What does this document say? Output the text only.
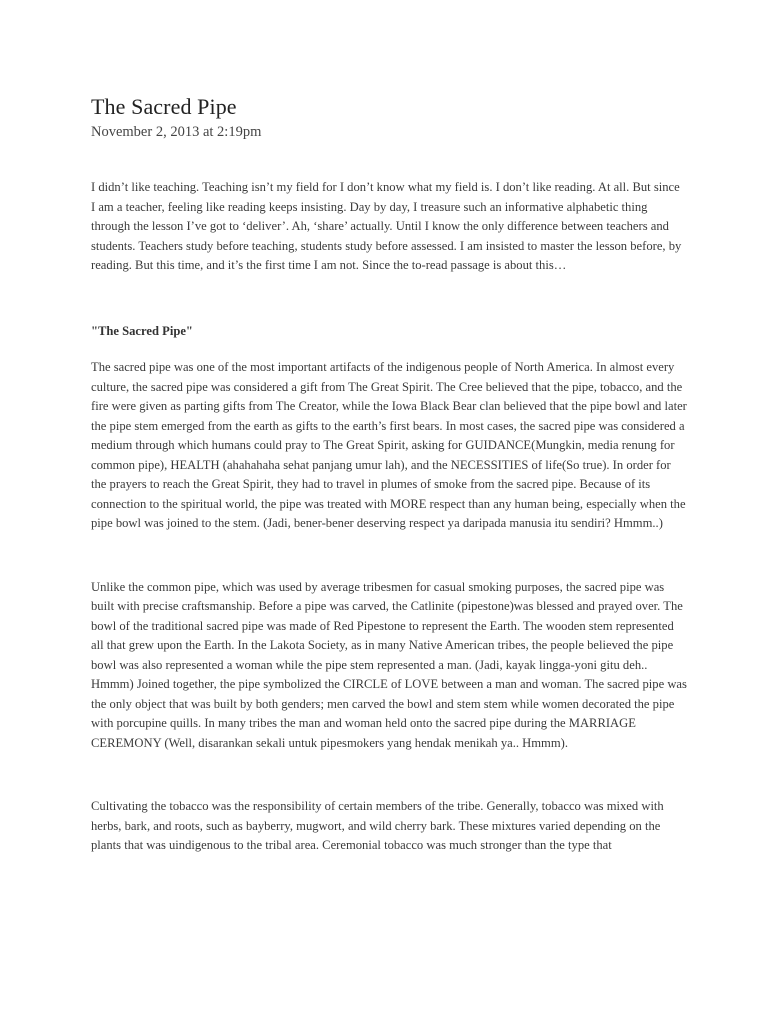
The Sacred Pipe
November 2, 2013 at 2:19pm

I didn’t like teaching. Teaching isn’t my field for I don’t know what my field is. I don’t like reading. At all. But since I am a teacher, feeling like reading keeps insisting. Day by day, I treasure such an informative alphabetic thing through the lesson I’ve got to ‘deliver’. Ah, ‘share’ actually. Until I know the only difference between teachers and students. Teachers study before teaching, students study before assessed. I am insisted to master the lesson before, by reading. But this time, and it’s the first time I am not. Since the to-read passage is about this…

"The Sacred Pipe"

The sacred pipe was one of the most important artifacts of the indigenous people of North America. In almost every culture, the sacred pipe was considered a gift from The Great Spirit. The Cree believed that the pipe, tobacco, and the fire were given as parting gifts from The Creator, while the Iowa Black Bear clan believed that the pipe bowl and later the pipe stem emerged from the earth as gifts to the earth’s first bears. In most cases, the sacred pipe was considered a medium through which humans could pray to The Great Spirit, asking for GUIDANCE(Mungkin, media renung for common pipe), HEALTH (ahahahaha sehat panjang umur lah), and the NECESSITIES of life(So true). In order for the prayers to reach the Great Spirit, they had to travel in plumes of smoke from the sacred pipe. Because of its connection to the spiritual world, the pipe was treated with MORE respect than any human being, especially when the pipe bowl was joined to the stem. (Jadi, bener-bener deserving respect ya daripada manusia itu sendiri? Hmmm..)

Unlike the common pipe, which was used by average tribesmen for casual smoking purposes, the sacred pipe was built with precise craftsmanship. Before a pipe was carved, the Catlinite (pipestone)was blessed and prayed over. The bowl of the traditional sacred pipe was made of Red Pipestone to represent the Earth. The wooden stem represented all that grew upon the Earth. In the Lakota Society, as in many Native American tribes, the people believed the pipe bowl was also represented a woman while the pipe stem represented a man. (Jadi, kayak lingga-yoni gitu deh.. Hmmm) Joined together, the pipe symbolized the CIRCLE of LOVE between a man and woman. The sacred pipe was the only object that was built by both genders; men carved the bowl and stem stem while women decorated the pipe with porcupine quills. In many tribes the man and woman held onto the sacred pipe during the MARRIAGE CEREMONY (Well, disarankan sekali untuk pipesmokers yang hendak menikah ya.. Hmmm).

Cultivating the tobacco was the responsibility of certain members of the tribe. Generally, tobacco was mixed with herbs, bark, and roots, such as bayberry, mugwort, and wild cherry bark. These mixtures varied depending on the plants that was uindigenous to the tribal area. Ceremonial tobacco was much stronger than the type that
